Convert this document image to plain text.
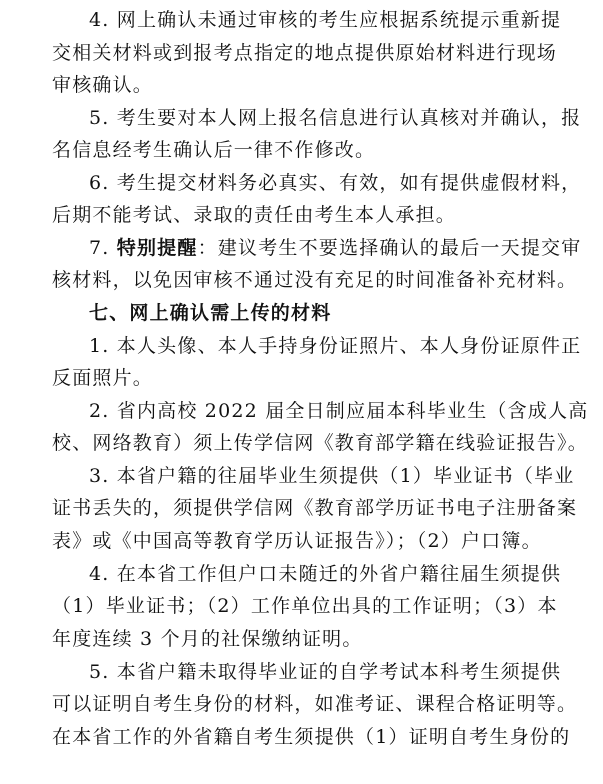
4. 网上确认未通过审核的考生应根据系统提示重新提
交相关材料或到报考点指定的地点提供原始材料进行现场
审核确认。
5. 考生要对本人网上报名信息进行认真核对并确认，报
名信息经考生确认后一律不作修改。
6. 考生提交材料务必真实、有效，如有提供虚假材料，
后期不能考试、录取的责任由考生本人承担。
7. 特别提醒：建议考生不要选择确认的最后一天提交审
核材料，以免因审核不通过没有充足的时间准备补充材料。
七、网上确认需上传的材料
1. 本人头像、本人手持身份证照片、本人身份证原件正
反面照片。
2. 省内高校 2022 届全日制应届本科毕业生（含成人高
校、网络教育）须上传学信网《教育部学籍在线验证报告》。
3. 本省户籍的往届毕业生须提供（1）毕业证书（毕业
证书丢失的，须提供学信网《教育部学历证书电子注册备案
表》或《中国高等教育学历认证报告》）；（2）户口簿。
4. 在本省工作但户口未随迁的外省户籍往届生须提供
（1）毕业证书；（2）工作单位出具的工作证明；（3）本
年度连续 3 个月的社保缴纳证明。
5. 本省户籍未取得毕业证的自学考试本科考生须提供
可以证明自考生身份的材料，如准考证、课程合格证明等。
在本省工作的外省籍自考生须提供（1）证明自考生身份的
